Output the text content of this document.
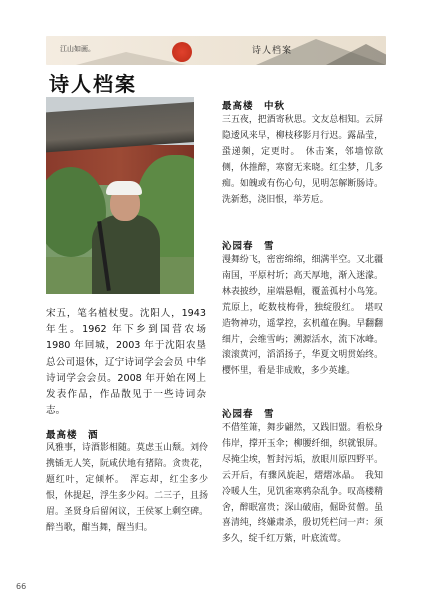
江山如画。	诗人档案
诗人档案

宋五，笔名植杖叟。沈阳人，1943 年生。1962 年下乡到国营农场 1980 年回城，2003 年于沈阳农垦总公司退休，辽宁诗词学会会员 中华诗词学会会员。2008 年开始在网上发表作品，作品散见于一些诗词杂志。

最高楼　酒

风雅事，诗酒影相随。莫虑玉山颓。刘伶携锸无人笑，阮咸伏地有猪陪。贪贵花，题红叶，定倾杯。　浑忘却，红尘多少恨，休提起，浮生多少闷。二三子，且扬眉。圣贤身后留闲议，王侯冢上剩空碑。醉当歌，酣当舞，醒当归。

最高楼　中秋

三五夜，把酒寄秋思。文友总相知。云屏隐逶风来早，柳枝移影月行迟。露晶莹，蛩递频，定更时。　休击案，邻墙惊欲侧，休推醉，寒窗无来晓。红尘梦，几多痴。如魄或有伤心句，见明怎解断肠诗。洗新愁，浇旧恨，举芳卮。

沁园春　雪

漫舞纷飞，密密绵绵，细满半空。又北疆南国，平原村圻；高天厚地，渐入迷濛。林表披纱，崖端悬帽，覆盖孤村小鸟笼。荒原上，屹数枝梅骨，独绽殷红。　堪叹造物神功，遥掌控，玄机蕴在胸。早翻翻细片，会维雪屿；溯源活水，流下冰峰。滚滚黄河，滔滔扬子，华夏文明贯始终。樱怀里，看是非成败，多少英雄。

沁园春　雪

不借笙箫，舞步翩然，又践旧盟。看松身伟岸，撑开玉伞；柳腰纤细，织就银屏。尽掩尘埃，暂封污垢，放眼川原四野平。云开后，有骤风旋起，熠熠冰晶。　我知冷暖人生，见饥雀寒鸦杂乱争。叹高楼精舍，醉眠富贵；深山破庙，倔卧贫僧。虽喜清纯，终嫌肃杀，殷切凭栏问一声：须多久，绽千红万紫，叶底流莺。

66
